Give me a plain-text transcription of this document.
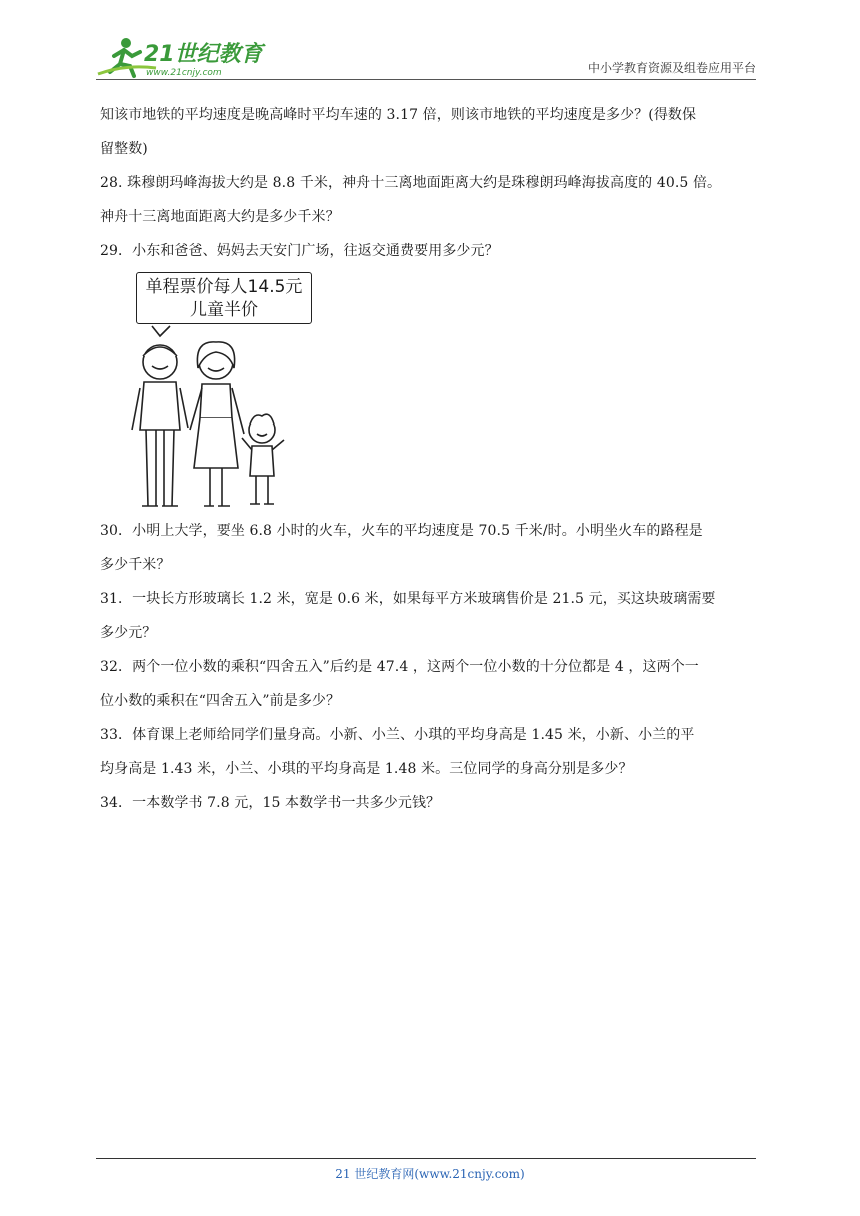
21世纪教育
www.21cnjy.com	中小学教育资源及组卷应用平台
知该市地铁的平均速度是晚高峰时平均车速的 3.17 倍，则该市地铁的平均速度是多少？(得数保
留整数)
28. 珠穆朗玛峰海拔大约是 8.8 千米，神舟十三离地面距离大约是珠穆朗玛峰海拔高度的 40.5 倍。
神舟十三离地面距离大约是多少千米？
29．小东和爸爸、妈妈去天安门广场，往返交通费要用多少元？
单程票价每人14.5元
儿童半价
30．小明上大学，要坐 6.8 小时的火车，火车的平均速度是 70.5 千米/时。小明坐火车的路程是
多少千米？
31．一块长方形玻璃长 1.2 米，宽是 0.6 米，如果每平方米玻璃售价是 21.5 元，买这块玻璃需要
多少元？
32．两个一位小数的乘积“四舍五入”后约是 47.4 ，这两个一位小数的十分位都是 4 ，这两个一
位小数的乘积在“四舍五入”前是多少？
33．体育课上老师给同学们量身高。小新、小兰、小琪的平均身高是 1.45 米，小新、小兰的平
均身高是 1.43 米，小兰、小琪的平均身高是 1.48 米。三位同学的身高分别是多少？
34．一本数学书 7.8 元，15 本数学书一共多少元钱？
21 世纪教育网(www.21cnjy.com)
